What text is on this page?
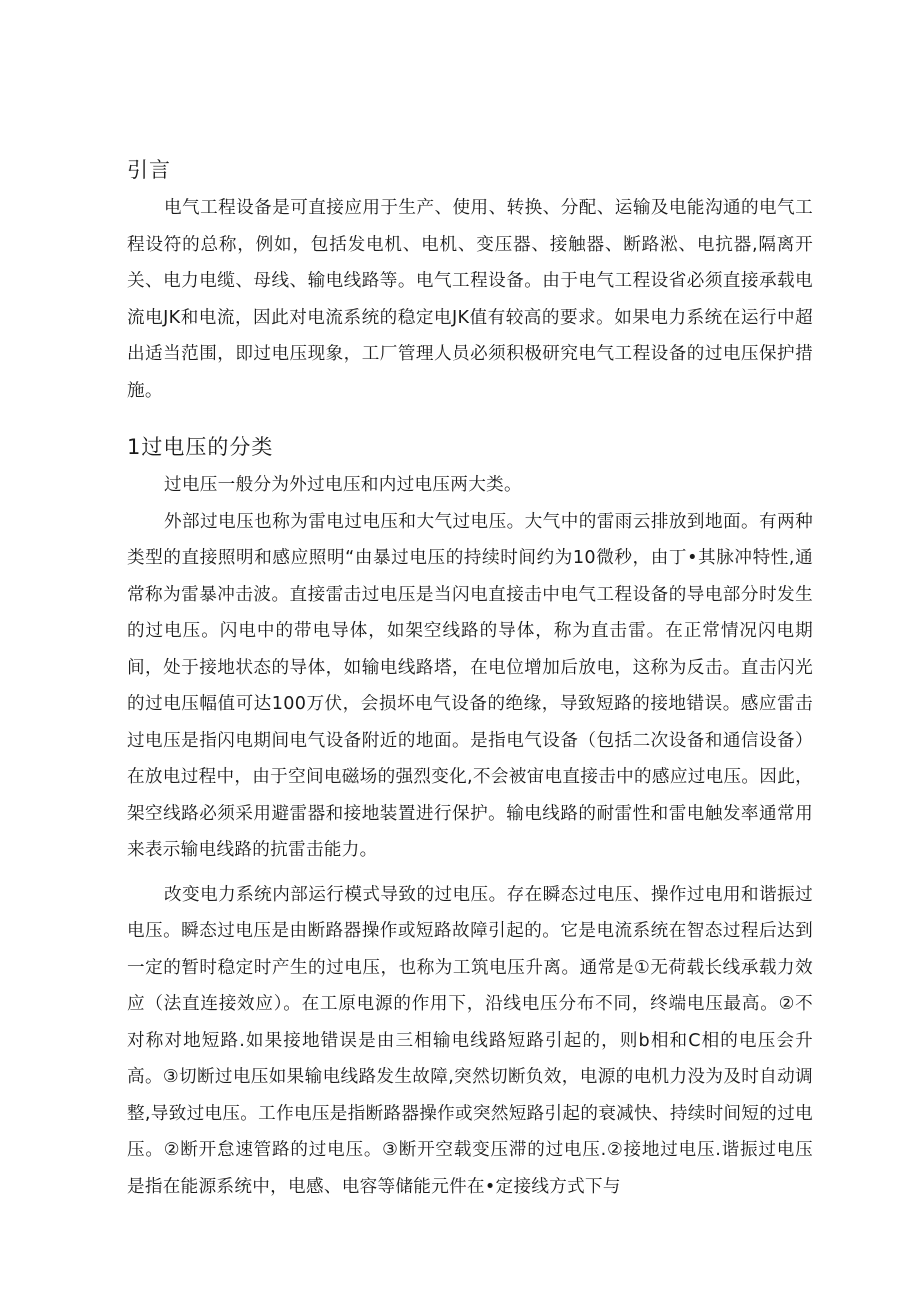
引言

电气工程设备是可直接应用于生产、使用、转换、分配、运输及电能沟通的电气工程设符的总称，例如，包括发电机、电机、变压器、接触器、断路淞、电抗器,隔离开关、电力电缆、母线、输电线路等。电气工程设备。由于电气工程设省必须直接承载电流电JK和电流，因此对电流系统的稳定电JK值有较高的要求。如果电力系统在运行中超出适当范围，即过电压现象，工厂管理人员必须积极研究电气工程设备的过电压保护措施。

1过电压的分类

过电压一般分为外过电压和内过电压两大类。

外部过电压也称为雷电过电压和大气过电压。大气中的雷雨云排放到地面。有两种类型的直接照明和感应照明“由暴过电压的持续时间约为10微秒，由丁•其脉冲特性,通常称为雷暴冲击波。直接雷击过电压是当闪电直接击中电气工程设备的导电部分时发生的过电压。闪电中的带电导体，如架空线路的导体，称为直击雷。在正常情况闪电期间，处于接地状态的导体，如输电线路塔，在电位增加后放电，这称为反击。直击闪光的过电压幅值可达100万伏，会损坏电气设备的绝缘，导致短路的接地错误。感应雷击过电压是指闪电期间电气设备附近的地面。是指电气设备（包括二次设备和通信设备）在放电过程中，由于空间电磁场的强烈变化,不会被宙电直接击中的感应过电压。因此，架空线路必须采用避雷器和接地装置进行保护。输电线路的耐雷性和雷电触发率通常用来表示输电线路的抗雷击能力。

改变电力系统内部运行模式导致的过电压。存在瞬态过电压、操作过电用和谐振过电压。瞬态过电压是由断路器操作或短路故障引起的。它是电流系统在智态过程后达到一定的暂时稳定时产生的过电压，也称为工筑电压升离。通常是①无荷载长线承载力效应（法直连接效应）。在工原电源的作用下，沿线电压分布不同，终端电压最高。②不对称对地短路.如果接地错误是由三相输电线路短路引起的，则b相和C相的电压会升高。③切断过电压如果输电线路发生故障,突然切断负效，电源的电机力没为及时自动调整,导致过电压。工作电压是指断路器操作或突然短路引起的衰减快、持续时间短的过电压。②断开怠速管路的过电压。③断开空载变压滞的过电压.②接地过电压.谐振过电压是指在能源系统中，电感、电容等储能元件在•定接线方式下与
